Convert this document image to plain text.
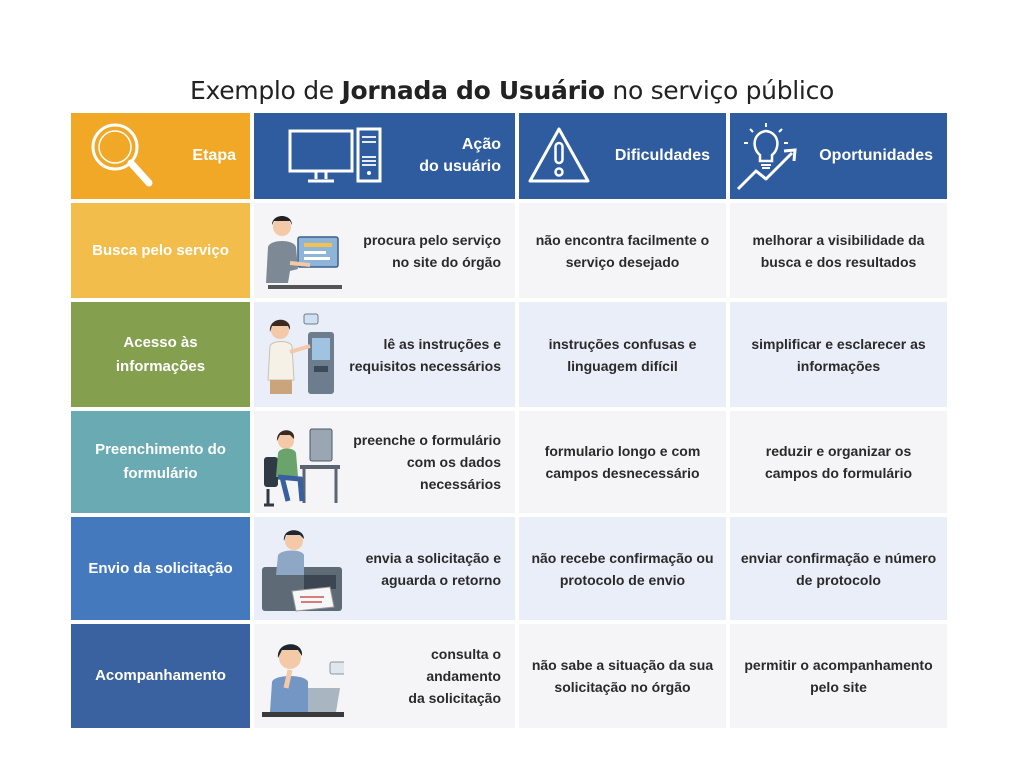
Exemplo de Jornada do Usuário no serviço público
Etapa
Ação
do usuário
Dificuldades	Oportunidades
Busca pelo serviço
procura pelo serviço
no site do órgão
não encontra facilmente o serviço desejado
melhorar a visibilidade da busca e dos resultados
Acesso às informações
lê as instruções e
requisitos necessários
instruções confusas e linguagem difícil
simplificar e esclarecer as informações
Preenchimento do formulário
preenche o formulário
com os dados
necessários
formulario longo e com campos desnecessário
reduzir e organizar os campos do formulário
Envio da solicitação
envia a solicitação e
aguarda o retorno
não recebe confirmação ou protocolo de envio
enviar confirmação e número de protocolo
Acompanhamento
consulta o
andamento
da solicitação
não sabe a situação da sua solicitação no órgão
permitir o acompanhamento pelo site
